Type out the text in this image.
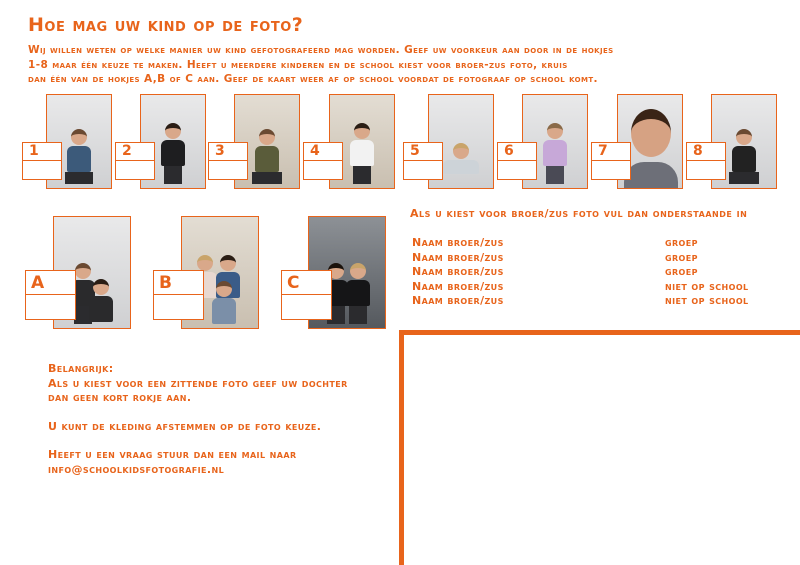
Hoe mag uw kind op de foto?
Wij willen weten op welke manier uw kind gefotografeerd mag worden. Geef uw voorkeur aan door in de hokjes
1-8 maar één keuze te maken. Heeft u meerdere kinderen en de school kiest voor broer-zus foto, kruis
dan één van de hokjes A,B of C aan. Geef de kaart weer af op school voordat de fotograaf op school komt.
1	2	3	4	5	6	7	8
A	B	C
Als u kiest voor broer/zus foto vul dan onderstaande in
Naam broer/zus	groep
Naam broer/zus	groep
Naam broer/zus	groep
Naam broer/zus	niet op school
Naam broer/zus	niet op school

Belangrijk:
Als u kiest voor een zittende foto geef uw dochter
dan geen kort rokje aan.

U kunt de kleding afstemmen op de foto keuze.

Heeft u een vraag stuur dan een mail naar
info@schoolkidsfotografie.nl
